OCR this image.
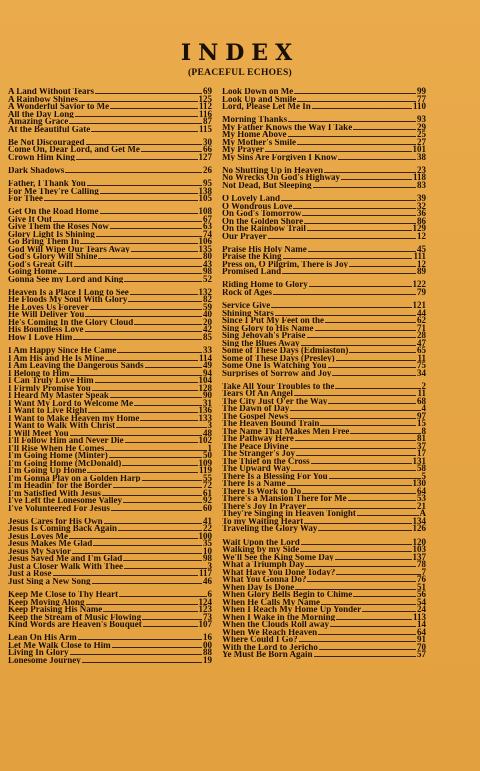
INDEX
(PEACEFUL ECHOES)
A Land Without Tears	69
A Rainbow Shines	125
A Wonderful Savior to Me	112
All the Day Long	116
Amazing Grace	87
At the Beautiful Gate	115
Be Not Discouraged	30
Come On, Dear Lord, and Get Me	66
Crown Him King	127
Dark Shadows	26
Father, I Thank You	95
For Me They're Calling	138
For Thee	105
Get On the Road Home	108
Give It Out	67
Give Them the Roses Now	63
Glory Light Is Shining	74
Go Bring Them In	106
God Will Wipe Our Tears Away	135
God's Glory Will Shine	80
God's Great Gift	43
Going Home	98
Gonna See my Lord and King	52
Heaven Is a Place I Long to See	132
He Floods My Soul With Glory	82
He Loves Us Forever	59
He Will Deliver You	40
He's Coming In the Glory Cloud	20
His Boundless Love	42
How I Love Him	85
I Am Happy Since He Came	33
I Am His and He Is Mine	114
I Am Leaving the Dangerous Sands	49
I Belong to Him	94
I Can Truly Love Him	104
I Firmly Promise You	128
I Heard My Master Speak	90
I Want My Lord to Welcome Me	31
I Want to Live Right	136
I Want to Make Heaven my Home	133
I Want to Walk With Christ	3
I Will Meet You	48
I'll Follow Him and Never Die	102
I'll Rise When He Comes	1
I'm Going Home (Minter)	50
I'm Going Home (McDonald)	109
I'm Going Up Home	119
I'm Gonna Play on a Golden Harp	55
I'm Headin' for the Border	72
I'm Satisfied With Jesus	61
I've Left the Lonesome Valley	92
I've Volunteered For Jesus	60
Jesus Cares for His Own	41
Jesus Is Coming Back Again	22
Jesus Loves Me	100
Jesus Makes Me Glad	35
Jesus My Savior	10
Jesus Saved Me and I'm Glad	98
Just a Closer Walk With Thee	3
Just a Rose	117
Just Sing a New Song	46
Keep Me Close to Thy Heart	6
Keep Moving Along	124
Keep Praising His Name	123
Keep the Stream of Music Flowing	73
Kind Words are Heaven's Bouquet	107
Lean On His Arm	16
Let Me Walk Close to Him	00
Living In Glory	88
Lonesome Journey	19
Look Down on Me	99
Look Up and Smile	77
Lord, Please Let Me In	110
Morning Thanks	93
My Father Knows the Way I Take	29
My Home Above	25
My Mother's Smile	27
My Prayer	101
My Sins Are Forgiven I Know	38
No Shutting Up in Heaven	23
No Wrecks On God's Highway	118
Not Dead, But Sleeping	83
O Lovely Land	39
O Wondrous Love	32
On God's Tomorrow	36
On the Golden Shore	86
On the Rainbow Trail	129
Our Prayer	12
Praise His Holy Name	45
Praise the King	111
Press on, O Pilgrim, There is Joy	12
Promised Land	89
Riding Home to Glory	122
Rock of Ages	79
Service Give	121
Shining Stars	44
Since I Put My Feet on the	62
Sing Glory to His Name	71
Sing Jehovah's Praise	28
Sing the Blues Away	47
Some of These Days (Edmiaston)	65
Some of These Days (Presley)	11
Some One Is Watching You	75
Surprises of Sorrow and Joy	34
Take All Your Troubles to the	2
Tears Of An Angel	11
The City Just O'er the Way	68
The Dawn of Day	4
The Gospel News	97
The Heaven Bound Train	15
The Name That Makes Men Free	8
The Pathway Here	81
The Peace Divine	37
The Stranger's Joy	17
The Thief on the Cross	131
The Upward Way	58
There Is a Blessing For You	5
There Is a Name	130
There Is Work to Do	64
There's a Mansion There for Me	53
There's Joy In Prayer	21
They're Singing in Heaven Tonight	A
To my Waiting Heart	134
Traveling the Glory Way	126
Wait Upon the Lord	120
Walking by my Side	103
We'll See the King Some Day	137
What a Triumph Day	78
What Have You Done Today?	7
What You Gonna Do?	76
When Day Is Done	51
When Glory Bells Begin to Chime	56
When He Calls My Name	54
When I Reach My Home Up Yonder	24
When I Wake in the Morning	113
When the Clouds Roll away	14
When We Reach Heaven	64
Where Could I Go?	91
With the Lord to Jericho	70
Ye Must Be Born Again	57
